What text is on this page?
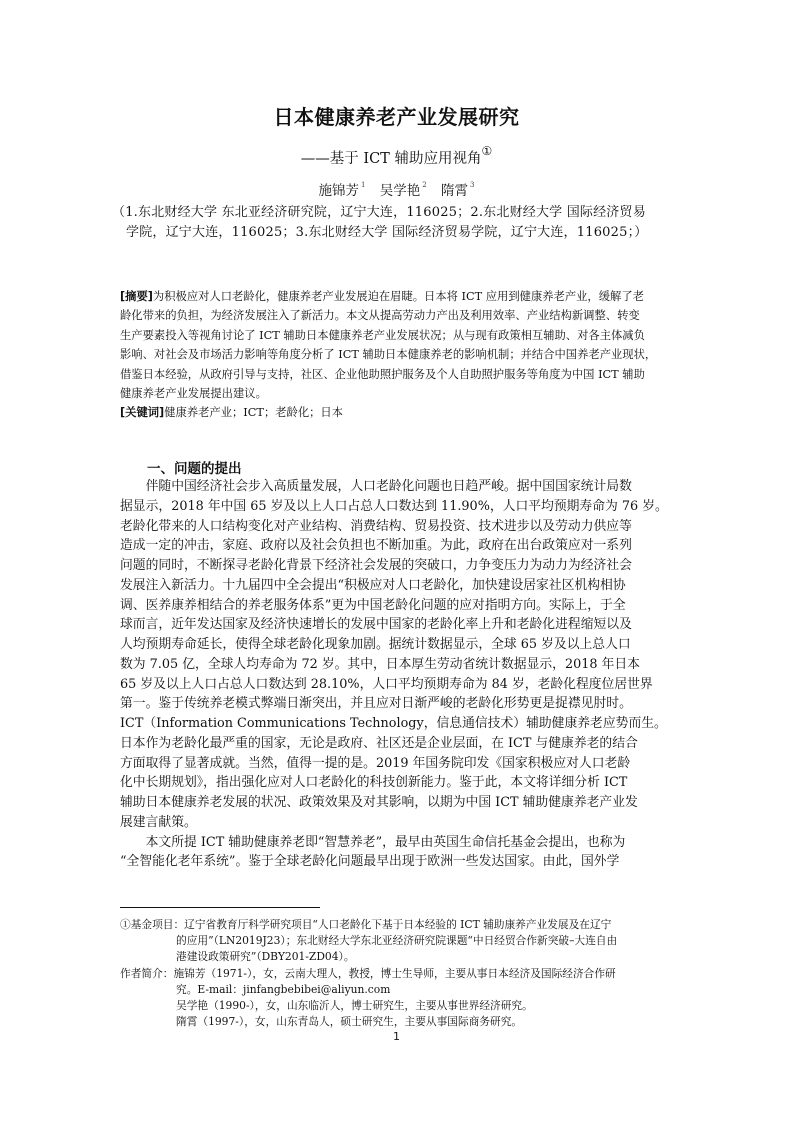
日本健康养老产业发展研究
——基于 ICT 辅助应用视角①
施锦芳 $^1$ 吴学艳 $^2$ 隋霄 $^3$
（1.东北财经大学 东北亚经济研究院，辽宁大连，116025；2.东北财经大学 国际经济贸易
学院，辽宁大连，116025；3.东北财经大学 国际经济贸易学院，辽宁大连，116025；）
[摘要]为积极应对人口老龄化，健康养老产业发展迫在眉睫。日本将 ICT 应用到健康养老产业，缓解了老
龄化带来的负担，为经济发展注入了新活力。本文从提高劳动力产出及利用效率、产业结构新调整、转变
生产要素投入等视角讨论了 ICT 辅助日本健康养老产业发展状况；从与现有政策相互辅助、对各主体减负
影响、对社会及市场活力影响等角度分析了 ICT 辅助日本健康养老的影响机制；并结合中国养老产业现状，
借鉴日本经验，从政府引导与支持，社区、企业他助照护服务及个人自助照护服务等角度为中国 ICT 辅助
健康养老产业发展提出建议。
[关键词]健康养老产业；ICT；老龄化；日本
一、问题的提出
　　伴随中国经济社会步入高质量发展，人口老龄化问题也日趋严峻。据中国国家统计局数
据显示，2018 年中国 65 岁及以上人口占总人口数达到 11.90%，人口平均预期寿命为 76 岁。
老龄化带来的人口结构变化对产业结构、消费结构、贸易投资、技术进步以及劳动力供应等
造成一定的冲击，家庭、政府以及社会负担也不断加重。为此，政府在出台政策应对一系列
问题的同时，不断探寻老龄化背景下经济社会发展的突破口，力争变压力为动力为经济社会
发展注入新活力。十九届四中全会提出“积极应对人口老龄化，加快建设居家社区机构相协
调、医养康养相结合的养老服务体系”更为中国老龄化问题的应对指明方向。实际上，于全
球而言，近年发达国家及经济快速增长的发展中国家的老龄化率上升和老龄化进程缩短以及
人均预期寿命延长，使得全球老龄化现象加剧。据统计数据显示，全球 65 岁及以上总人口
数为 7.05 亿，全球人均寿命为 72 岁。其中，日本厚生劳动省统计数据显示，2018 年日本
65 岁及以上人口占总人口数达到 28.10%，人口平均预期寿命为 84 岁，老龄化程度位居世界
第一。鉴于传统养老模式弊端日渐突出，并且应对日渐严峻的老龄化形势更是捉襟见肘时。
ICT（Information Communications Technology，信息通信技术）辅助健康养老应势而生。
日本作为老龄化最严重的国家，无论是政府、社区还是企业层面，在 ICT 与健康养老的结合
方面取得了显著成就。当然，值得一提的是。2019 年国务院印发《国家积极应对人口老龄
化中长期规划》，指出强化应对人口老龄化的科技创新能力。鉴于此，本文将详细分析 ICT
辅助日本健康养老发展的状况、政策效果及对其影响，以期为中国 ICT 辅助健康养老产业发
展建言献策。
　　本文所提 ICT 辅助健康养老即“智慧养老”，最早由英国生命信托基金会提出，也称为
“全智能化老年系统”。鉴于全球老龄化问题最早出现于欧洲一些发达国家。由此，国外学
①基金项目：辽宁省教育厅科学研究项目“人口老龄化下基于日本经验的 ICT 辅助康养产业发展及在辽宁
的应用”（LN2019J23）；东北财经大学东北亚经济研究院课题“中日经贸合作新突破–大连自由
港建设政策研究”（DBY201-ZD04）。
作者简介：施锦芳（1971-），女，云南大理人，教授，博士生导师，主要从事日本经济及国际经济合作研
究。E-mail：jinfangbebibei@aliyun.com
吴学艳（1990-），女，山东临沂人，博士研究生，主要从事世界经济研究。
隋霄（1997-），女，山东青岛人，硕士研究生，主要从事国际商务研究。
1
